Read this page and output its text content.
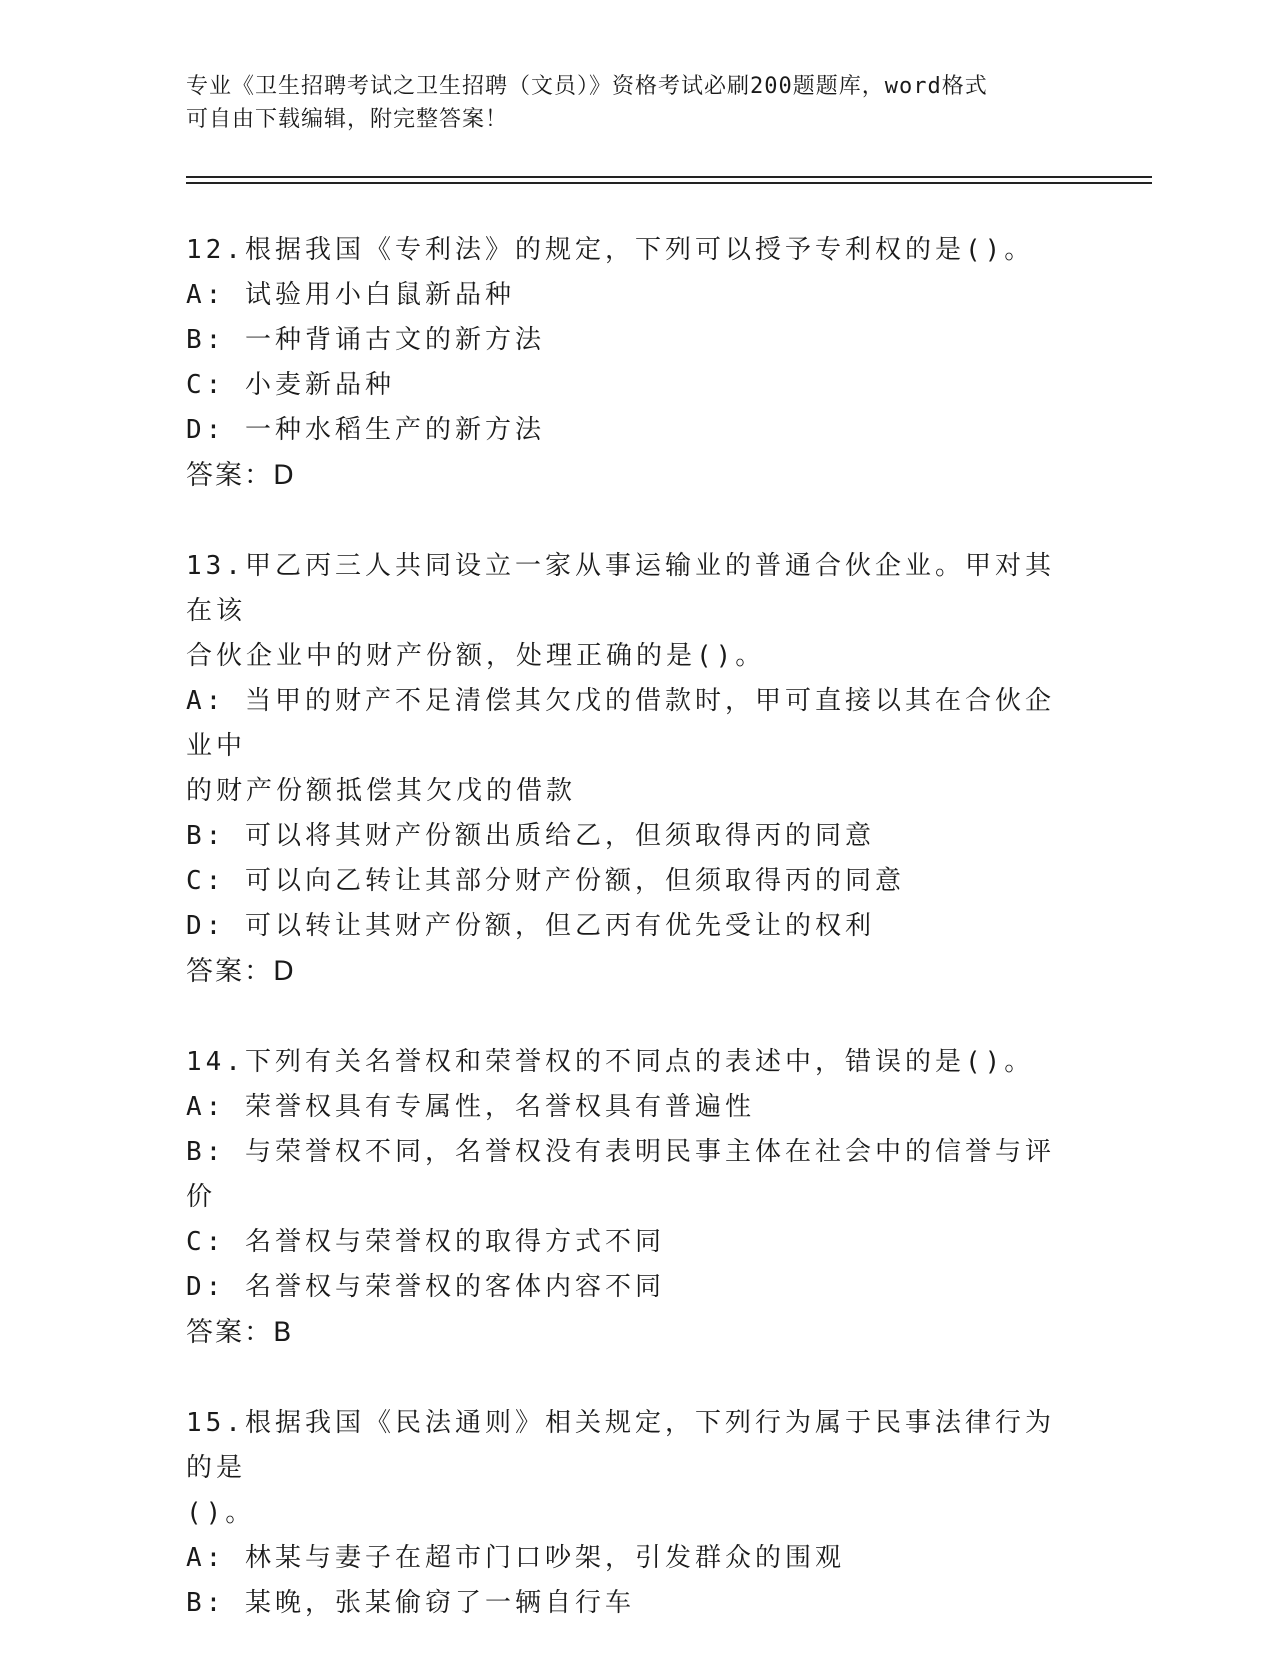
专业《卫生招聘考试之卫生招聘（文员）》资格考试必刷200题题库，word格式
可自由下载编辑，附完整答案！
12.根据我国《专利法》的规定，下列可以授予专利权的是()。
A: 试验用小白鼠新品种
B: 一种背诵古文的新方法
C: 小麦新品种
D: 一种水稻生产的新方法
答案：D
13.甲乙丙三人共同设立一家从事运输业的普通合伙企业。甲对其在该
合伙企业中的财产份额，处理正确的是()。
A: 当甲的财产不足清偿其欠戊的借款时，甲可直接以其在合伙企业中
的财产份额抵偿其欠戊的借款
B: 可以将其财产份额出质给乙，但须取得丙的同意
C: 可以向乙转让其部分财产份额，但须取得丙的同意
D: 可以转让其财产份额，但乙丙有优先受让的权利
答案：D
14.下列有关名誉权和荣誉权的不同点的表述中，错误的是()。
A: 荣誉权具有专属性，名誉权具有普遍性
B: 与荣誉权不同，名誉权没有表明民事主体在社会中的信誉与评价
C: 名誉权与荣誉权的取得方式不同
D: 名誉权与荣誉权的客体内容不同
答案：B
15.根据我国《民法通则》相关规定，下列行为属于民事法律行为的是
()。
A: 林某与妻子在超市门口吵架，引发群众的围观
B: 某晚，张某偷窃了一辆自行车
